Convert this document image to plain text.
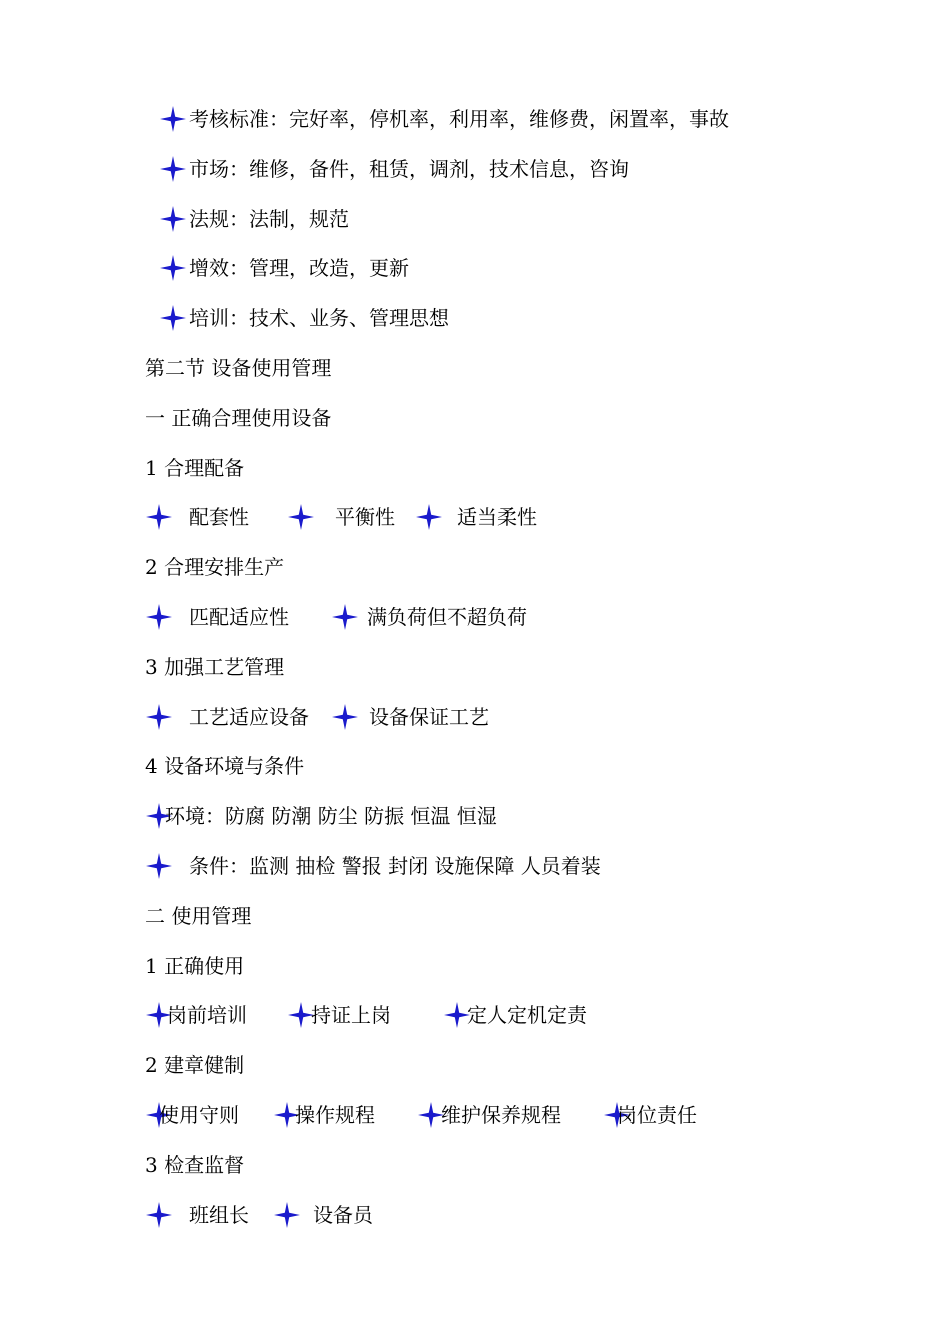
考核标准：完好率，停机率，利用率，维修费，闲置率，事故
市场：维修，备件，租赁，调剂，技术信息，咨询
法规：法制，规范
增效：管理，改造，更新
培训：技术、业务、管理思想
第二节 设备使用管理
一 正确合理使用设备
1 合理配备
配套性	平衡性	适当柔性
2 合理安排生产
匹配适应性	满负荷但不超负荷
3 加强工艺管理
工艺适应设备	设备保证工艺
4 设备环境与条件
环境：防腐 防潮 防尘 防振 恒温 恒湿
条件：监测 抽检 警报 封闭 设施保障 人员着装
二 使用管理
1 正确使用
岗前培训	持证上岗	定人定机定责
2 建章健制
使用守则	操作规程	维护保养规程	岗位责任
3 检查监督
班组长	设备员
